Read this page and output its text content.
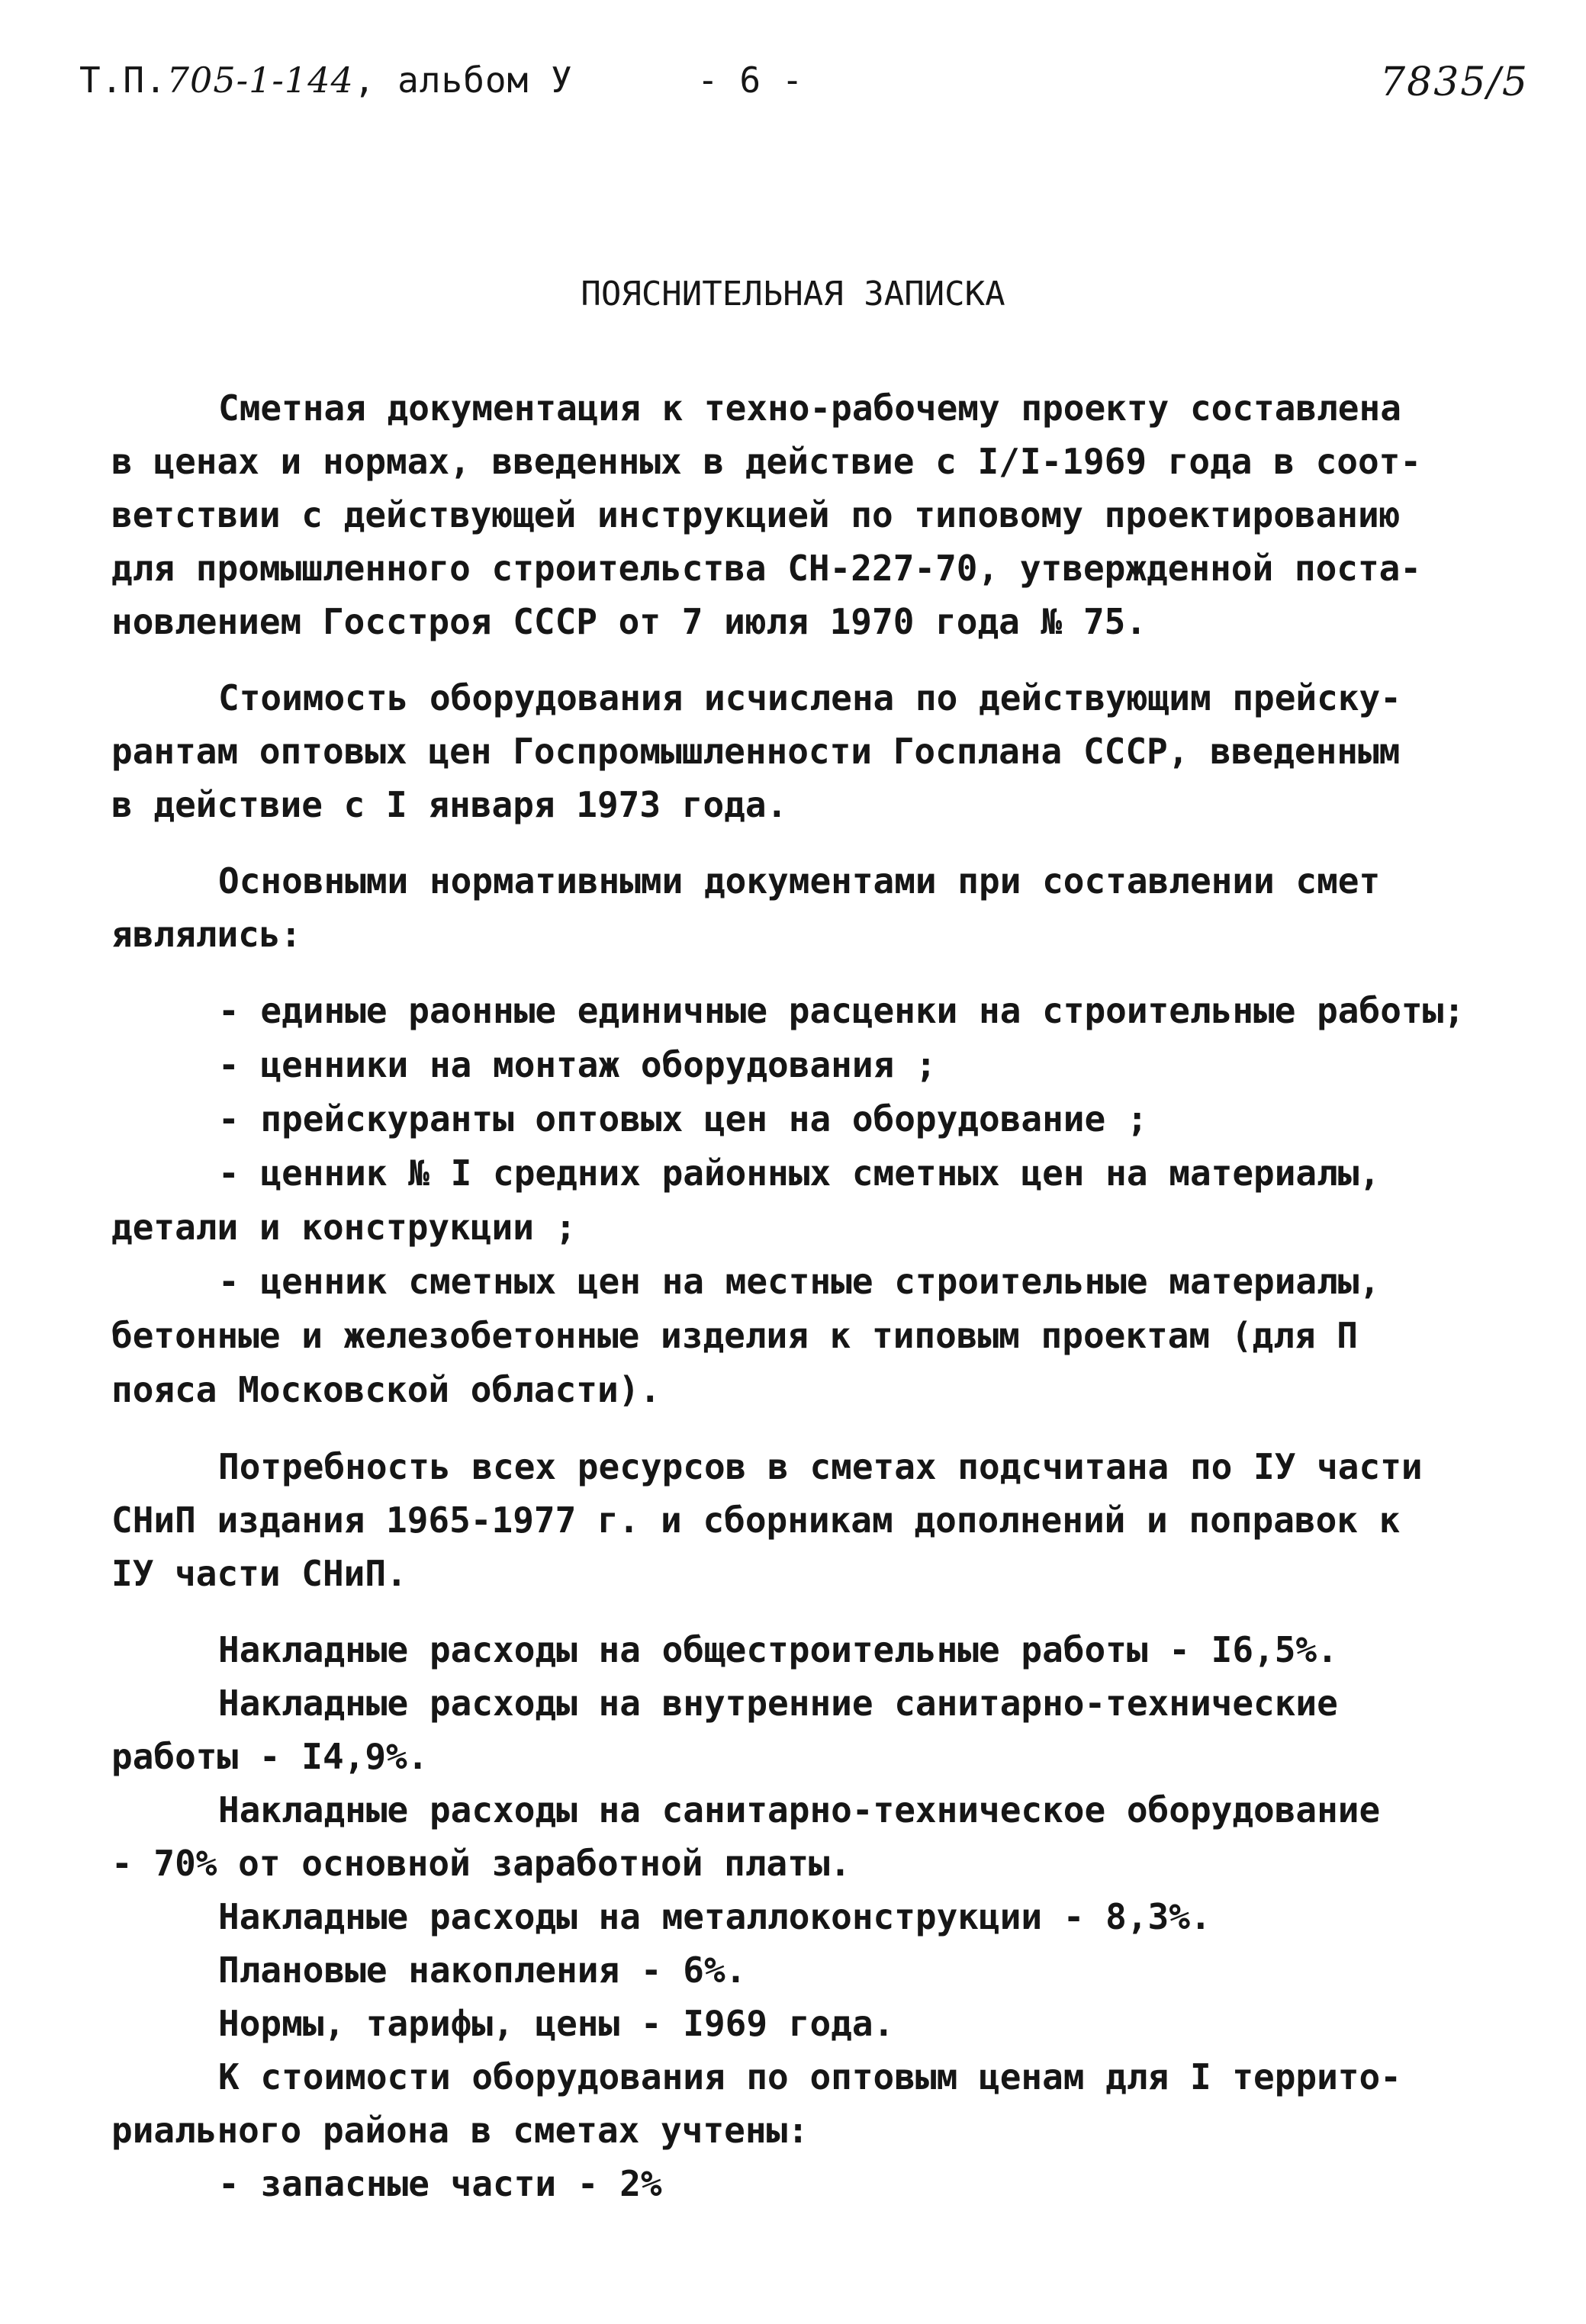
Т.П.705-1-144, альбом У	- 6 -	7835/5
ПОЯСНИТЕЛЬНАЯ ЗАПИСКА
Сметная документация к техно-рабочему проекту составлена
в ценах и нормах, введенных в действие с I/I-1969 года в соот-
ветствии с действующей инструкцией по типовому проектированию
для промышленного строительства СН-227-70, утвержденной поста-
новлением Госстроя СССР от 7 июля 1970 года № 75.
Стоимость оборудования исчислена по действующим прейску-
рантам оптовых цен Госпромышленности Госплана СССР, введенным
в действие с I января 1973 года.
Основными нормативными документами при составлении смет
являлись:
- единые раонные единичные расценки на строительные работы;
- ценники на монтаж оборудования ;
- прейскуранты оптовых цен на оборудование ;
- ценник № I средних районных сметных цен на материалы,
детали и конструкции ;
- ценник сметных цен на местные строительные материалы,
бетонные и железобетонные изделия к типовым проектам (для П
пояса Московской области).
Потребность всех ресурсов в сметах подсчитана по IУ части
СНиП издания 1965-1977 г. и сборникам дополнений и поправок к
IУ части СНиП.
Накладные расходы на общестроительные работы - I6,5%.
Накладные расходы на внутренние санитарно-технические
работы - I4,9%.
Накладные расходы на санитарно-техническое оборудование
- 70% от основной заработной платы.
Накладные расходы на металлоконструкции - 8,3%.
Плановые накопления - 6%.
Нормы, тарифы, цены - I969 года.
К стоимости оборудования по оптовым ценам для I террито-
риального района в сметах учтены:
- запасные части - 2%
